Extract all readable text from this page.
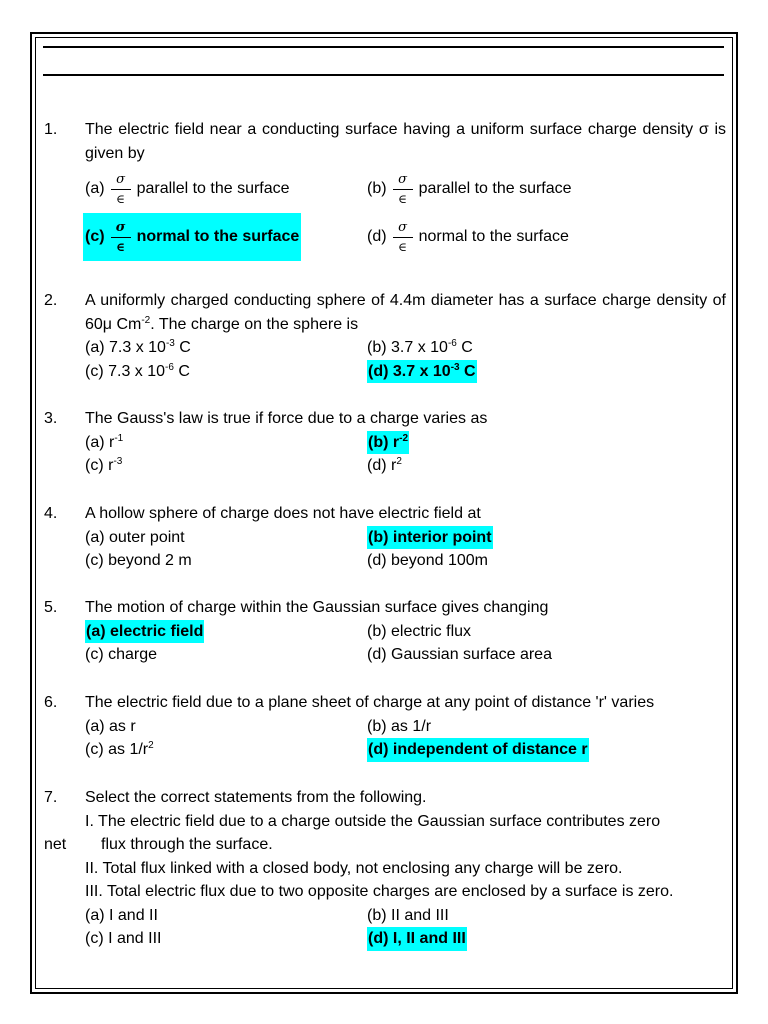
1. The electric field near a conducting surface having a uniform surface charge density σ is given by
$(a) \frac{\sigma}{\in}$ parallel to the surface	$(b) \frac{\sigma}{\in}$ parallel to the surface
$(c) \frac{\sigma}{\in}$ normal to the surface	$(d) \frac{\sigma}{\in}$ normal to the surface
2. A uniformly charged conducting sphere of 4.4m diameter has a surface charge density of 60μ $Cm^{-2}$. The charge on the sphere is
(a) 7.3 x $10^{-3}$ C	(b) 3.7 x $10^{-6}$ C
(c) 7.3 x $10^{-6}$ C	(d) 3.7 x $10^{-3}$ C
3. The Gauss's law is true if force due to a charge varies as
(a) $r^{-1}$	(b) $r^{-2}$
(c) $r^{-3}$	(d) $r^2$
4. A hollow sphere of charge does not have electric field at
(a) outer point	(b) interior point
(c) beyond 2 m	(d) beyond 100m
5. The motion of charge within the Gaussian surface gives changing
(a) electric field	(b) electric flux
(c) charge	(d) Gaussian surface area
6. The electric field due to a plane sheet of charge at any point of distance 'r' varies
(a) as r	(b) as 1/r
(c) as $1/r^2$	(d) independent of distance r
7. Select the correct statements from the following.
I. The electric field due to a charge outside the Gaussian surface contributes zero
net flux through the surface.
II. Total flux linked with a closed body, not enclosing any charge will be zero.
III. Total electric flux due to two opposite charges are enclosed by a surface is zero.
(a) I and II	(b) II and III
(c) I and III	(d) I, II and III
